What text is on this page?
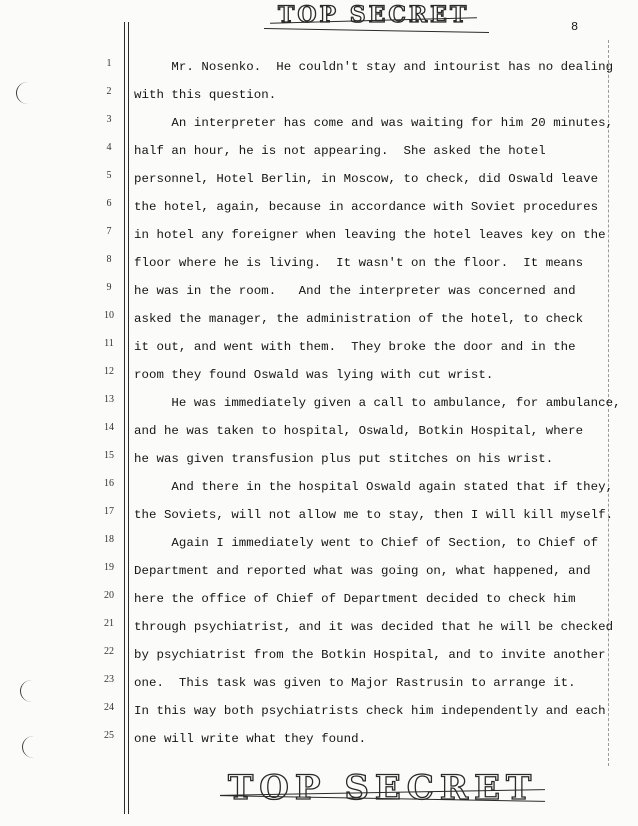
TOP SECRET	8
1	Mr. Nosenko.  He couldn't stay and intourist has no dealing
2	with this question.
3	An interpreter has come and was waiting for him 20 minutes,
4	half an hour, he is not appearing.  She asked the hotel
5	personnel, Hotel Berlin, in Moscow, to check, did Oswald leave
6	the hotel, again, because in accordance with Soviet procedures
7	in hotel any foreigner when leaving the hotel leaves key on the
8	floor where he is living.  It wasn't on the floor.  It means
9	he was in the room.   And the interpreter was concerned and
10	asked the manager, the administration of the hotel, to check
11	it out, and went with them.  They broke the door and in the
12	room they found Oswald was lying with cut wrist.
13	He was immediately given a call to ambulance, for ambulance,
14	and he was taken to hospital, Oswald, Botkin Hospital, where
15	he was given transfusion plus put stitches on his wrist.
16	And there in the hospital Oswald again stated that if they,
17	the Soviets, will not allow me to stay, then I will kill myself.
18	Again I immediately went to Chief of Section, to Chief of
19	Department and reported what was going on, what happened, and
20	here the office of Chief of Department decided to check him
21	through psychiatrist, and it was decided that he will be checked
22	by psychiatrist from the Botkin Hospital, and to invite another
23	one.  This task was given to Major Rastrusin to arrange it.
24	In this way both psychiatrists check him independently and each
25	one will write what they found.
TOP SECRET
